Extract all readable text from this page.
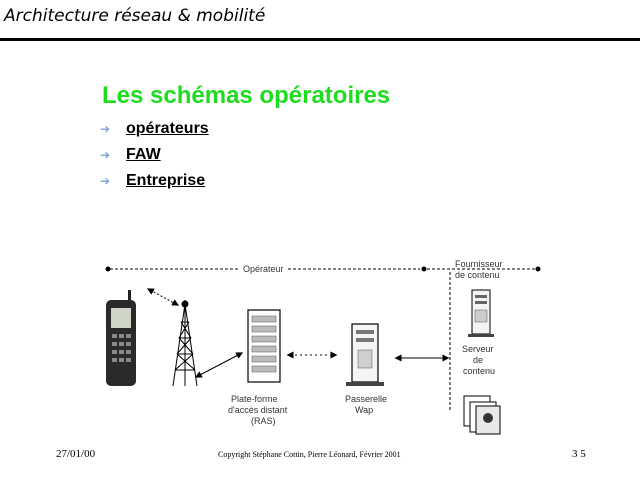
Architecture réseau & mobilité
Les schémas opératoires
➔ opérateurs
➔ FAW
➔ Entreprise
Opérateur	Fournisseur
de contenu
Plate-forme
d'accès distant
(RAS)
Passerelle
Wap
Serveur
de
contenu
27/01/00	Copyright Stéphane Cottin, Pierre Léonard, Février 2001	3 5
